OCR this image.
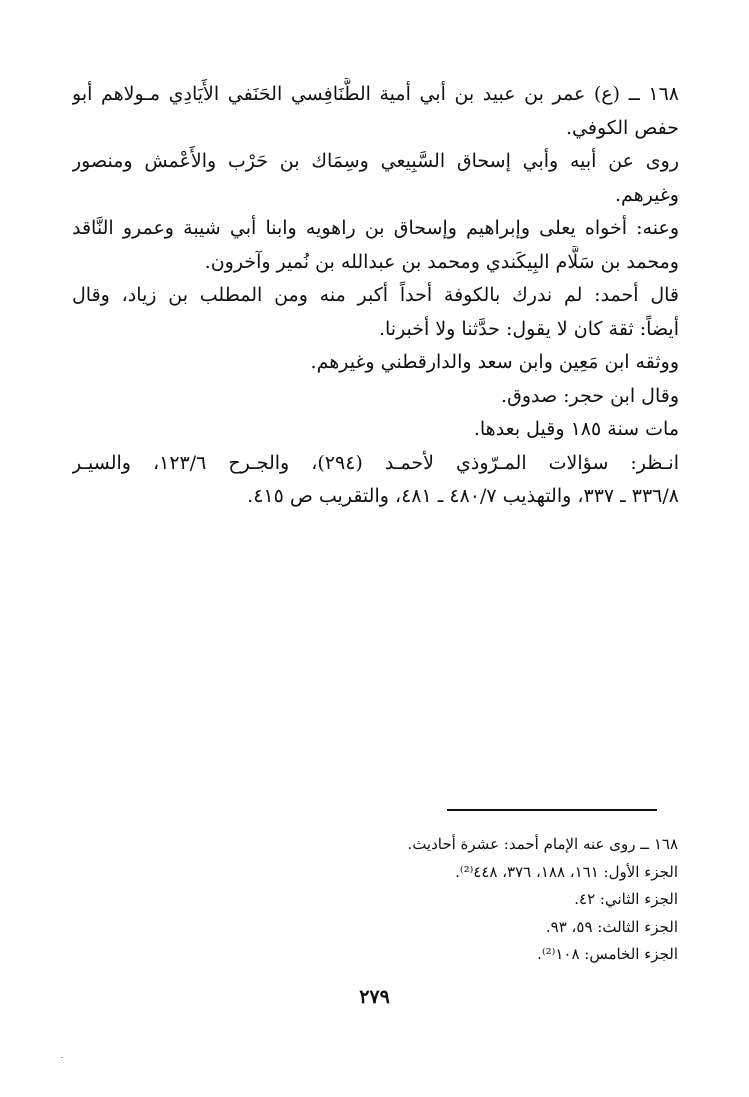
١٦٨ ــ (ع) عمر بن عبيد بن أبي أمية الطَّنَافِسي الحَنَفي الأَيَادِي مـولاهم أبو
حفص الكوفي.

روى عن أبيه وأبي إسحاق السَّبِيعي وسِمَاك بن حَرْب والأَعْمش ومنصور
وغيرهم.

وعنه: أخواه يعلى وإبراهيم وإسحاق بن راهويه وابنا أبي شيبة وعمرو النَّاقد
ومحمد بن سَلَّام البِيكَندي ومحمد بن عبدالله بن نُمير وآخرون.

قال أحمد: لم ندرك بالكوفة أحداً أكبر منه ومن المطلب بن زياد، وقال
أيضاً: ثقة كان لا يقول: حدَّثنا ولا أخبرنا.

ووثقه ابن مَعِين وابن سعد والدارقطني وغيرهم.

وقال ابن حجر: صدوق.

مات سنة ١٨٥ وقيل بعدها.

انـظر: سؤالات المـرّوذي لأحمـد (٢٩٤)، والجـرح ١٢٣/٦، والسيـر
٣٣٦/٨ ـ ٣٣٧، والتهذيب ٤٨٠/٧ ـ ٤٨١، والتقريب ص ٤١٥.

١٦٨ ــ روى عنه الإمام أحمد: عشرة أحاديث.
الجزء الأول: ١٦١، ١٨٨، ٣٧٦، ٤٤٨⁽²⁾.
الجزء الثاني: ٤٢.
الجزء الثالث: ٥٩، ٩٣.
الجزء الخامس: ١٠٨⁽²⁾.
٢٧٩
